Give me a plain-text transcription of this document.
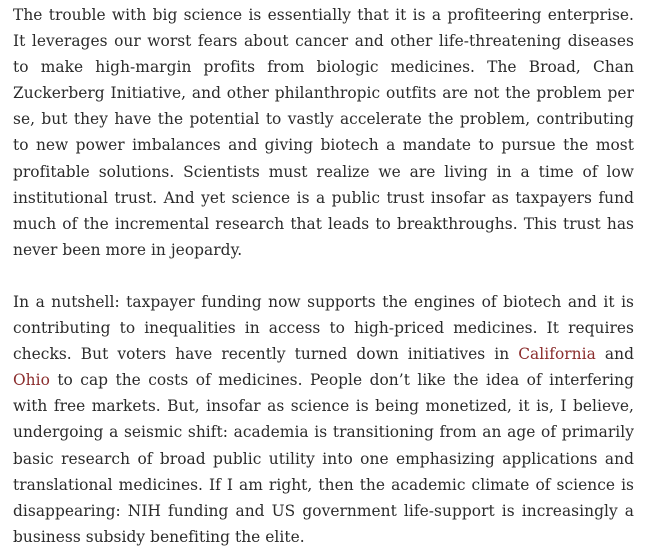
The trouble with big science is essentially that it is a profiteering enterprise. It leverages our worst fears about cancer and other life-threatening diseases to make high-margin profits from biologic medicines. The Broad, Chan Zuckerberg Initiative, and other philanthropic outfits are not the problem per se, but they have the potential to vastly accelerate the problem, contributing to new power imbalances and giving biotech a mandate to pursue the most profitable solutions. Scientists must realize we are living in a time of low institutional trust. And yet science is a public trust insofar as taxpayers fund much of the incremental research that leads to breakthroughs. This trust has never been more in jeopardy.

In a nutshell: taxpayer funding now supports the engines of biotech and it is contributing to inequalities in access to high-priced medicines. It requires checks. But voters have recently turned down initiatives in California and Ohio to cap the costs of medicines. People don’t like the idea of interfering with free markets. But, insofar as science is being monetized, it is, I believe, undergoing a seismic shift: academia is transitioning from an age of primarily basic research of broad public utility into one emphasizing applications and translational medicines. If I am right, then the academic climate of science is disappearing: NIH funding and US government life-support is increasingly a business subsidy benefiting the elite.
